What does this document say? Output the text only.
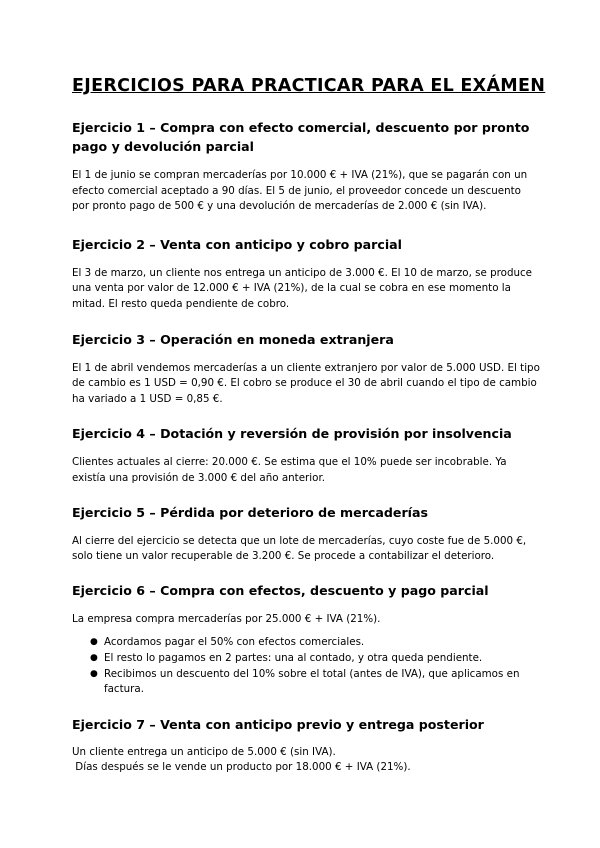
EJERCICIOS PARA PRACTICAR PARA EL EXÁMEN
Ejercicio 1 – Compra con efecto comercial, descuento por pronto pago y devolución parcial

El 1 de junio se compran mercaderías por 10.000 € + IVA (21%), que se pagarán con un efecto comercial aceptado a 90 días. El 5 de junio, el proveedor concede un descuento por pronto pago de 500 € y una devolución de mercaderías de 2.000 € (sin IVA).

Ejercicio 2 – Venta con anticipo y cobro parcial

El 3 de marzo, un cliente nos entrega un anticipo de 3.000 €. El 10 de marzo, se produce una venta por valor de 12.000 € + IVA (21%), de la cual se cobra en ese momento la mitad. El resto queda pendiente de cobro.

Ejercicio 3 – Operación en moneda extranjera

El 1 de abril vendemos mercaderías a un cliente extranjero por valor de 5.000 USD. El tipo de cambio es 1 USD = 0,90 €. El cobro se produce el 30 de abril cuando el tipo de cambio ha variado a 1 USD = 0,85 €.

Ejercicio 4 – Dotación y reversión de provisión por insolvencia

Clientes actuales al cierre: 20.000 €. Se estima que el 10% puede ser incobrable. Ya existía una provisión de 3.000 € del año anterior.

Ejercicio 5 – Pérdida por deterioro de mercaderías

Al cierre del ejercicio se detecta que un lote de mercaderías, cuyo coste fue de 5.000 €, solo tiene un valor recuperable de 3.200 €. Se procede a contabilizar el deterioro.

Ejercicio 6 – Compra con efectos, descuento y pago parcial

La empresa compra mercaderías por 25.000 € + IVA (21%).

● Acordamos pagar el 50% con efectos comerciales.
● El resto lo pagamos en 2 partes: una al contado, y otra queda pendiente.
● Recibimos un descuento del 10% sobre el total (antes de IVA), que aplicamos en factura.
Ejercicio 7 – Venta con anticipo previo y entrega posterior

Un cliente entrega un anticipo de 5.000 € (sin IVA).

Días después se le vende un producto por 18.000 € + IVA (21%).
